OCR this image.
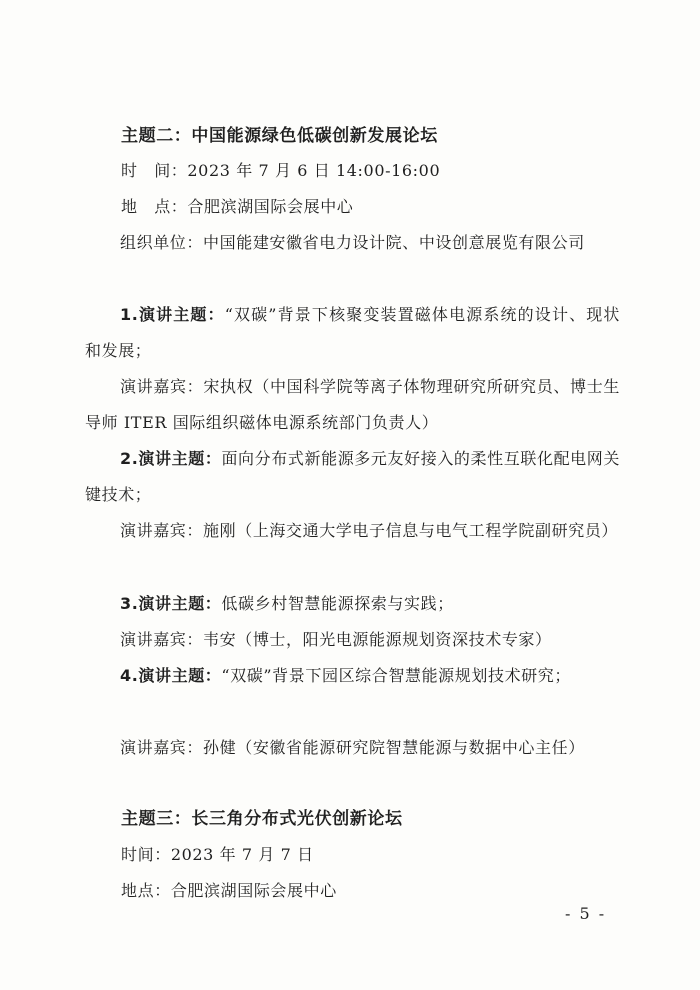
主题二：中国能源绿色低碳创新发展论坛
时　间：2023 年 7 月 6 日 14:00-16:00
地　点：合肥滨湖国际会展中心
组织单位：中国能建安徽省电力设计院、中设创意展览有限公司
1.演讲主题：“双碳”背景下核聚变装置磁体电源系统的设计、现状和发展；
演讲嘉宾：宋执权（中国科学院等离子体物理研究所研究员、博士生导师 ITER 国际组织磁体电源系统部门负责人）
2.演讲主题：面向分布式新能源多元友好接入的柔性互联化配电网关键技术；
演讲嘉宾：施刚（上海交通大学电子信息与电气工程学院副研究员）
3.演讲主题：低碳乡村智慧能源探索与实践；
演讲嘉宾：韦安（博士，阳光电源能源规划资深技术专家）
4.演讲主题：“双碳”背景下园区综合智慧能源规划技术研究；
演讲嘉宾：孙健（安徽省能源研究院智慧能源与数据中心主任）
主题三：长三角分布式光伏创新论坛
时间：2023 年 7 月 7 日
地点：合肥滨湖国际会展中心
- 5 -
